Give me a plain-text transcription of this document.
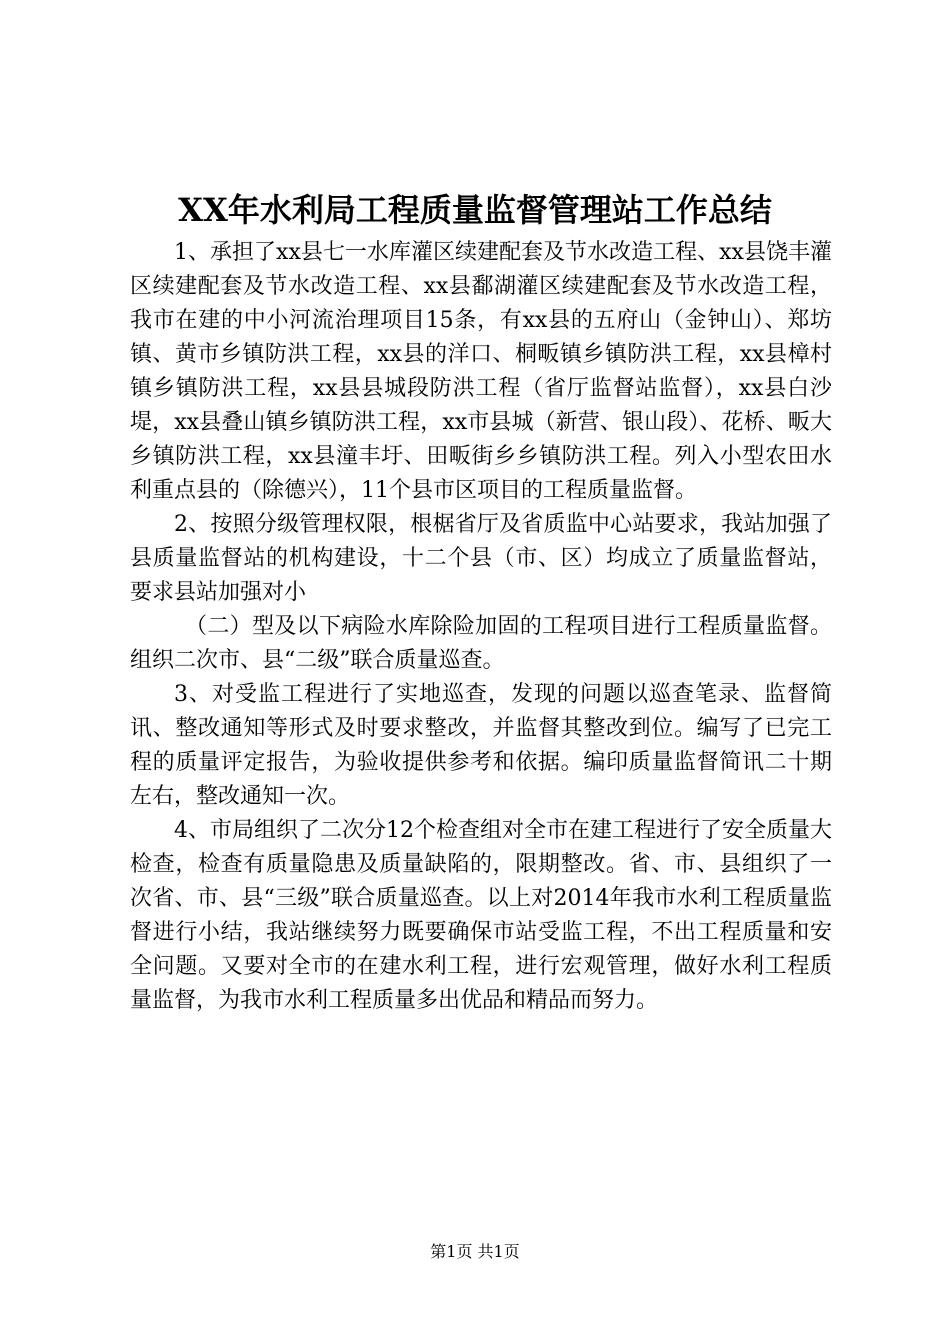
XX年水利局工程质量监督管理站工作总结

1、承担了xx县七一水库灌区续建配套及节水改造工程、xx县饶丰灌区续建配套及节水改造工程、xx县鄱湖灌区续建配套及节水改造工程，我市在建的中小河流治理项目15条，有xx县的五府山（金钟山）、郑坊镇、黄市乡镇防洪工程，xx县的洋口、桐畈镇乡镇防洪工程，xx县樟村镇乡镇防洪工程，xx县县城段防洪工程（省厅监督站监督），xx县白沙堤，xx县叠山镇乡镇防洪工程，xx市县城（新营、银山段）、花桥、畈大乡镇防洪工程，xx县潼丰圩、田畈街乡乡镇防洪工程。列入小型农田水利重点县的（除德兴），11个县市区项目的工程质量监督。

2、按照分级管理权限，根椐省厅及省质监中心站要求，我站加强了县质量监督站的机构建设，十二个县（市、区）均成立了质量监督站，要求县站加强对小

（二）型及以下病险水库除险加固的工程项目进行工程质量监督。组织二次市、县“二级”联合质量巡查。

3、对受监工程进行了实地巡查，发现的问题以巡查笔录、监督简讯、整改通知等形式及时要求整改，并监督其整改到位。编写了已完工程的质量评定报告，为验收提供参考和依据。编印质量监督简讯二十期左右，整改通知一次。

4、市局组织了二次分12个检查组对全市在建工程进行了安全质量大检查，检查有质量隐患及质量缺陷的，限期整改。省、市、县组织了一次省、市、县“三级”联合质量巡查。以上对2014年我市水利工程质量监督进行小结，我站继续努力既要确保市站受监工程，不出工程质量和安全问题。又要对全市的在建水利工程，进行宏观管理，做好水利工程质量监督，为我市水利工程质量多出优品和精品而努力。

第1页 共1页
